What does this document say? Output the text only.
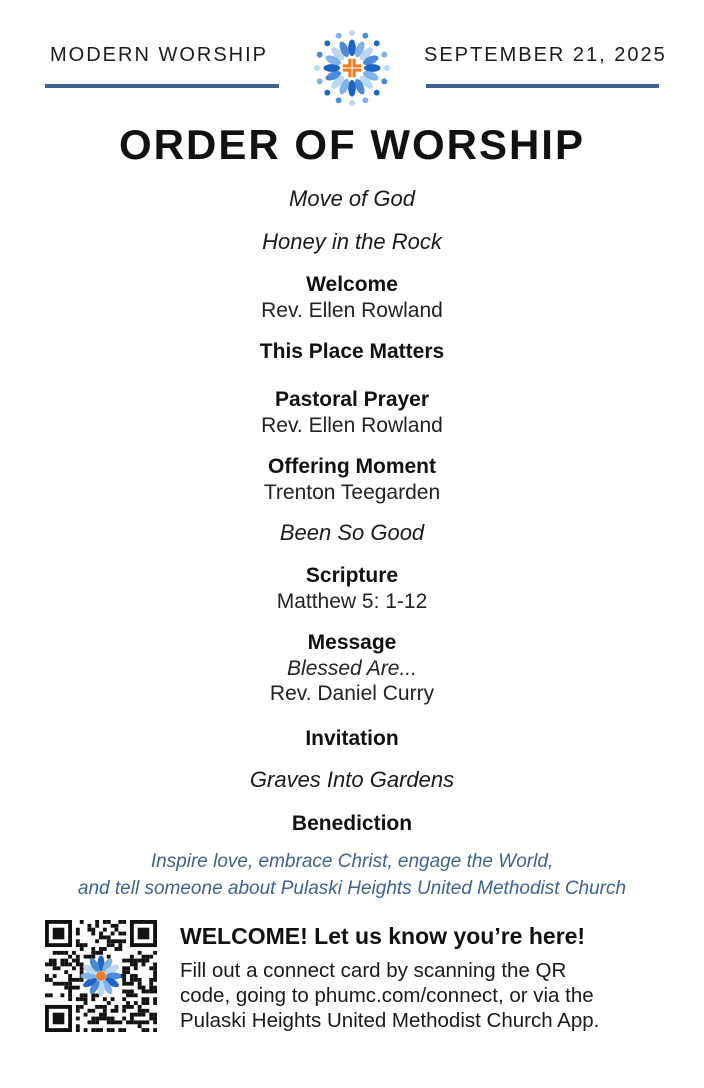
MODERN WORSHIP	SEPTEMBER 21, 2025
ORDER OF WORSHIP
Move of God
Honey in the Rock
Welcome
Rev. Ellen Rowland
This Place Matters
Pastoral Prayer
Rev. Ellen Rowland
Offering Moment
Trenton Teegarden
Been So Good
Scripture
Matthew 5: 1-12
Message
Blessed Are...
Rev. Daniel Curry
Invitation
Graves Into Gardens
Benediction
Inspire love, embrace Christ, engage the World,
and tell someone about Pulaski Heights United Methodist Church
WELCOME! Let us know you’re here!
Fill out a connect card by scanning the QR
code, going to phumc.com/connect, or via the
Pulaski Heights United Methodist Church App.
